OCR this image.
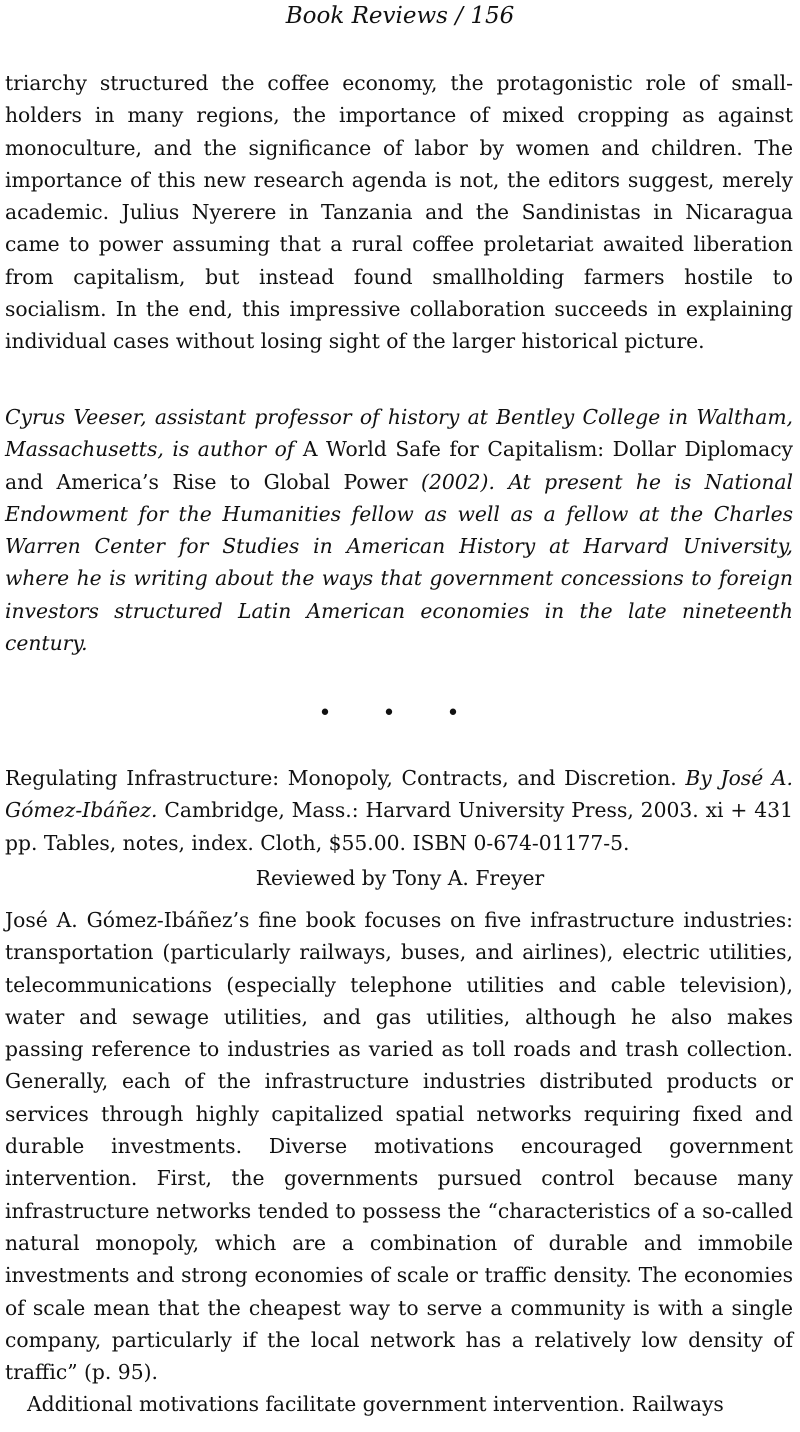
Book Reviews / 156

triarchy structured the coffee economy, the protagonistic role of smallholders in many regions, the importance of mixed cropping as against monoculture, and the significance of labor by women and children. The importance of this new research agenda is not, the editors suggest, merely academic. Julius Nyerere in Tanzania and the Sandinistas in Nicaragua came to power assuming that a rural coffee proletariat awaited liberation from capitalism, but instead found smallholding farmers hostile to socialism. In the end, this impressive collaboration succeeds in explaining individual cases without losing sight of the larger historical picture.

Cyrus Veeser, assistant professor of history at Bentley College in Waltham, Massachusetts, is author of A World Safe for Capitalism: Dollar Diplomacy and America’s Rise to Global Power (2002). At present he is National Endowment for the Humanities fellow as well as a fellow at the Charles Warren Center for Studies in American History at Harvard University, where he is writing about the ways that government concessions to foreign investors structured Latin American economies in the late nineteenth century.

• • •

Regulating Infrastructure: Monopoly, Contracts, and Discretion. By José A. Gómez-Ibáñez. Cambridge, Mass.: Harvard University Press, 2003. xi + 431 pp. Tables, notes, index. Cloth, $55.00. ISBN 0-674-01177-5.

Reviewed by Tony A. Freyer

José A. Gómez-Ibáñez’s fine book focuses on five infrastructure industries: transportation (particularly railways, buses, and airlines), electric utilities, telecommunications (especially telephone utilities and cable television), water and sewage utilities, and gas utilities, although he also makes passing reference to industries as varied as toll roads and trash collection. Generally, each of the infrastructure industries distributed products or services through highly capitalized spatial networks requiring fixed and durable investments. Diverse motivations encouraged government intervention. First, the governments pursued control because many infrastructure networks tended to possess the “characteristics of a so-called natural monopoly, which are a combination of durable and immobile investments and strong economies of scale or traffic density. The economies of scale mean that the cheapest way to serve a community is with a single company, particularly if the local network has a relatively low density of traffic” (p. 95).

Additional motivations facilitate government intervention. Railways
